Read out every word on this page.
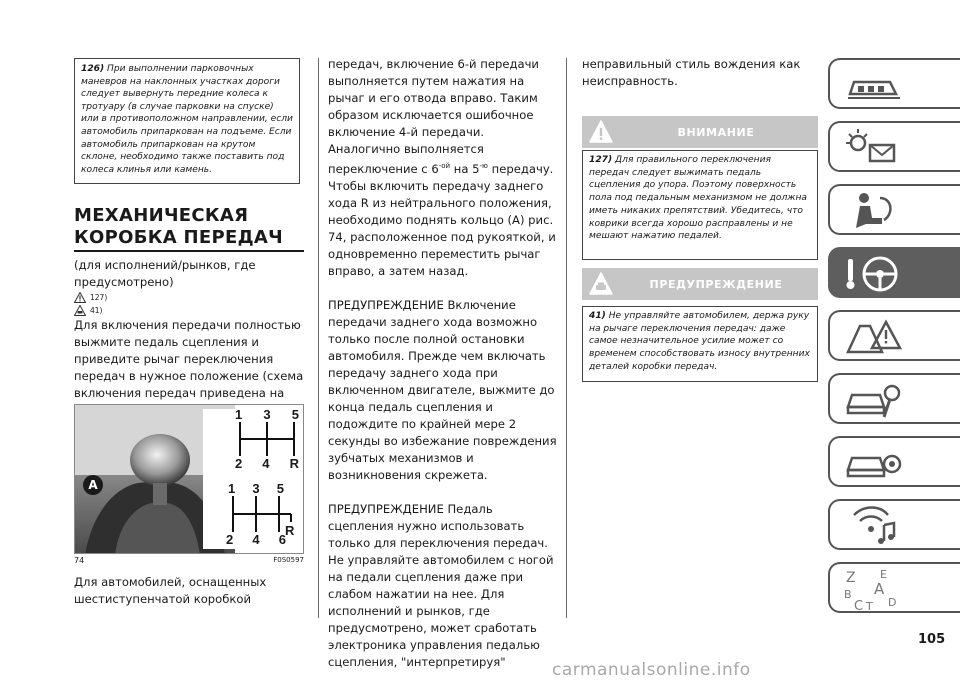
126) При выполнении парковочных маневров на наклонных участках дороги следует вывернуть передние колеса к тротуару (в случае парковки на спуске) или в противоположном направлении, если автомобиль припаркован на подъеме. Если автомобиль припаркован на крутом склоне, необходимо также поставить под колеса клинья или камень.
МЕХАНИЧЕСКАЯ
КОРОБКА ПЕРЕДАЧ
(для исполнений/рынков, где предусмотрено)
127)
41)
Для включения передачи полностью выжмите педаль сцепления и приведите рычаг переключения передач в нужное положение (схема включения передач приведена на
A
1 3 5
2 4 R
1 3 5
2 4 6
R
74	F0S0597
Для автомобилей, оснащенных шестиступенчатой коробкой
передач, включение 6-й передачи выполняется путем нажатия на рычаг и его отвода вправо. Таким образом исключается ошибочное включение 4-й передачи. Аналогично выполняется переключение с $6^{-ой}$ на $5^{-ю}$ передачу. Чтобы включить передачу заднего хода R из нейтрального положения, необходимо поднять кольцо (A) рис. 74, расположенное под рукояткой, и одновременно переместить рычаг вправо, а затем назад.
ПРЕДУПРЕЖДЕНИЕ Включение передачи заднего хода возможно только после полной остановки автомобиля. Прежде чем включать передачу заднего хода при включенном двигателе, выжмите до конца педаль сцепления и подождите по крайней мере 2 секунды во избежание повреждения зубчатых механизмов и возникновения скрежета.
ПРЕДУПРЕЖДЕНИЕ Педаль сцепления нужно использовать только для переключения передач. Не управляйте автомобилем с ногой на педали сцепления даже при слабом нажатии на нее. Для исполнений и рынков, где предусмотрено, может сработать электроника управления педалью сцепления, "интерпретируя"
неправильный стиль вождения как неисправность.
ВНИМАНИЕ
127) Для правильного переключения передач следует выжимать педаль сцепления до упора. Поэтому поверхность пола под педальным механизмом не должна иметь никаких препятствий. Убедитесь, что коврики всегда хорошо расправлены и не мешают нажатию педалей.
ПРЕДУПРЕЖДЕНИЕ
41) Не управляйте автомобилем, держа руку на рычаге переключения передач: даже самое незначительное усилие может со временем способствовать износу внутренних деталей коробки передач.
Z E
A
B
C T D
105
carmanualsonline.info
